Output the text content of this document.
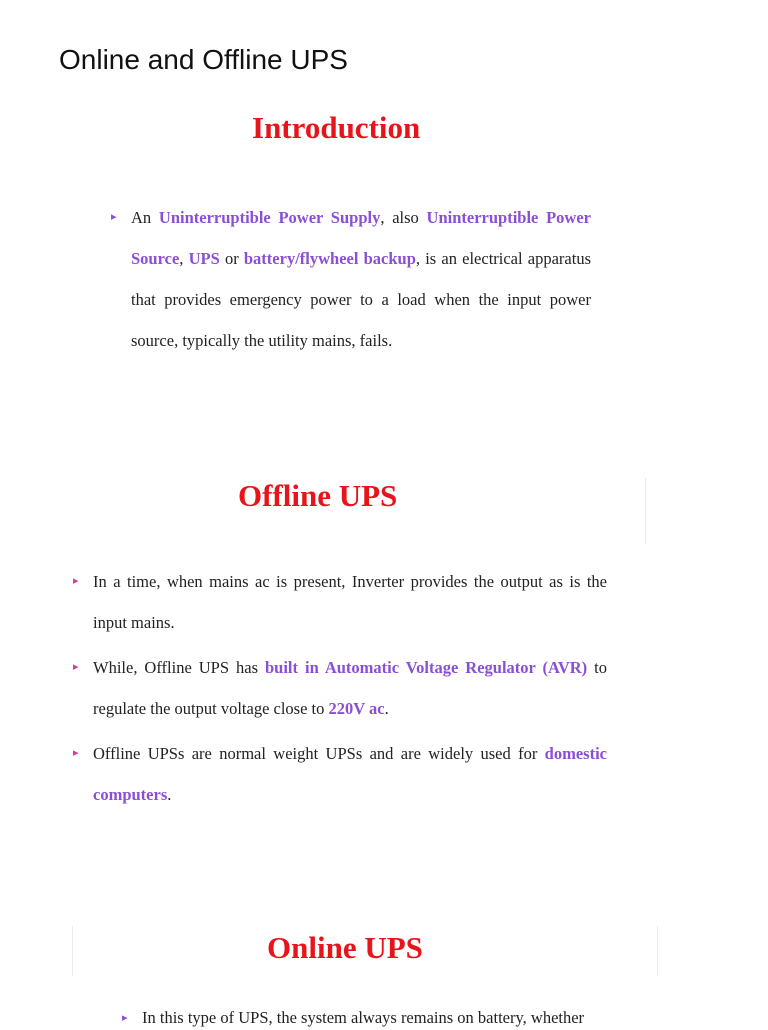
Online and Offline UPS
Introduction
▸ An Uninterruptible Power Supply, also Uninterruptible Power Source, UPS or battery/flywheel backup, is an electrical apparatus that provides emergency power to a load when the input power source, typically the utility mains, fails.
Offline UPS
▸ In a time, when mains ac is present, Inverter provides the output as is the input mains.
▸ While, Offline UPS has built in Automatic Voltage Regulator (AVR) to regulate the output voltage close to 220V ac.
▸ Offline UPSs are normal weight UPSs and are widely used for domestic computers.
Online UPS
▸ In this type of UPS, the system always remains on battery, whether
